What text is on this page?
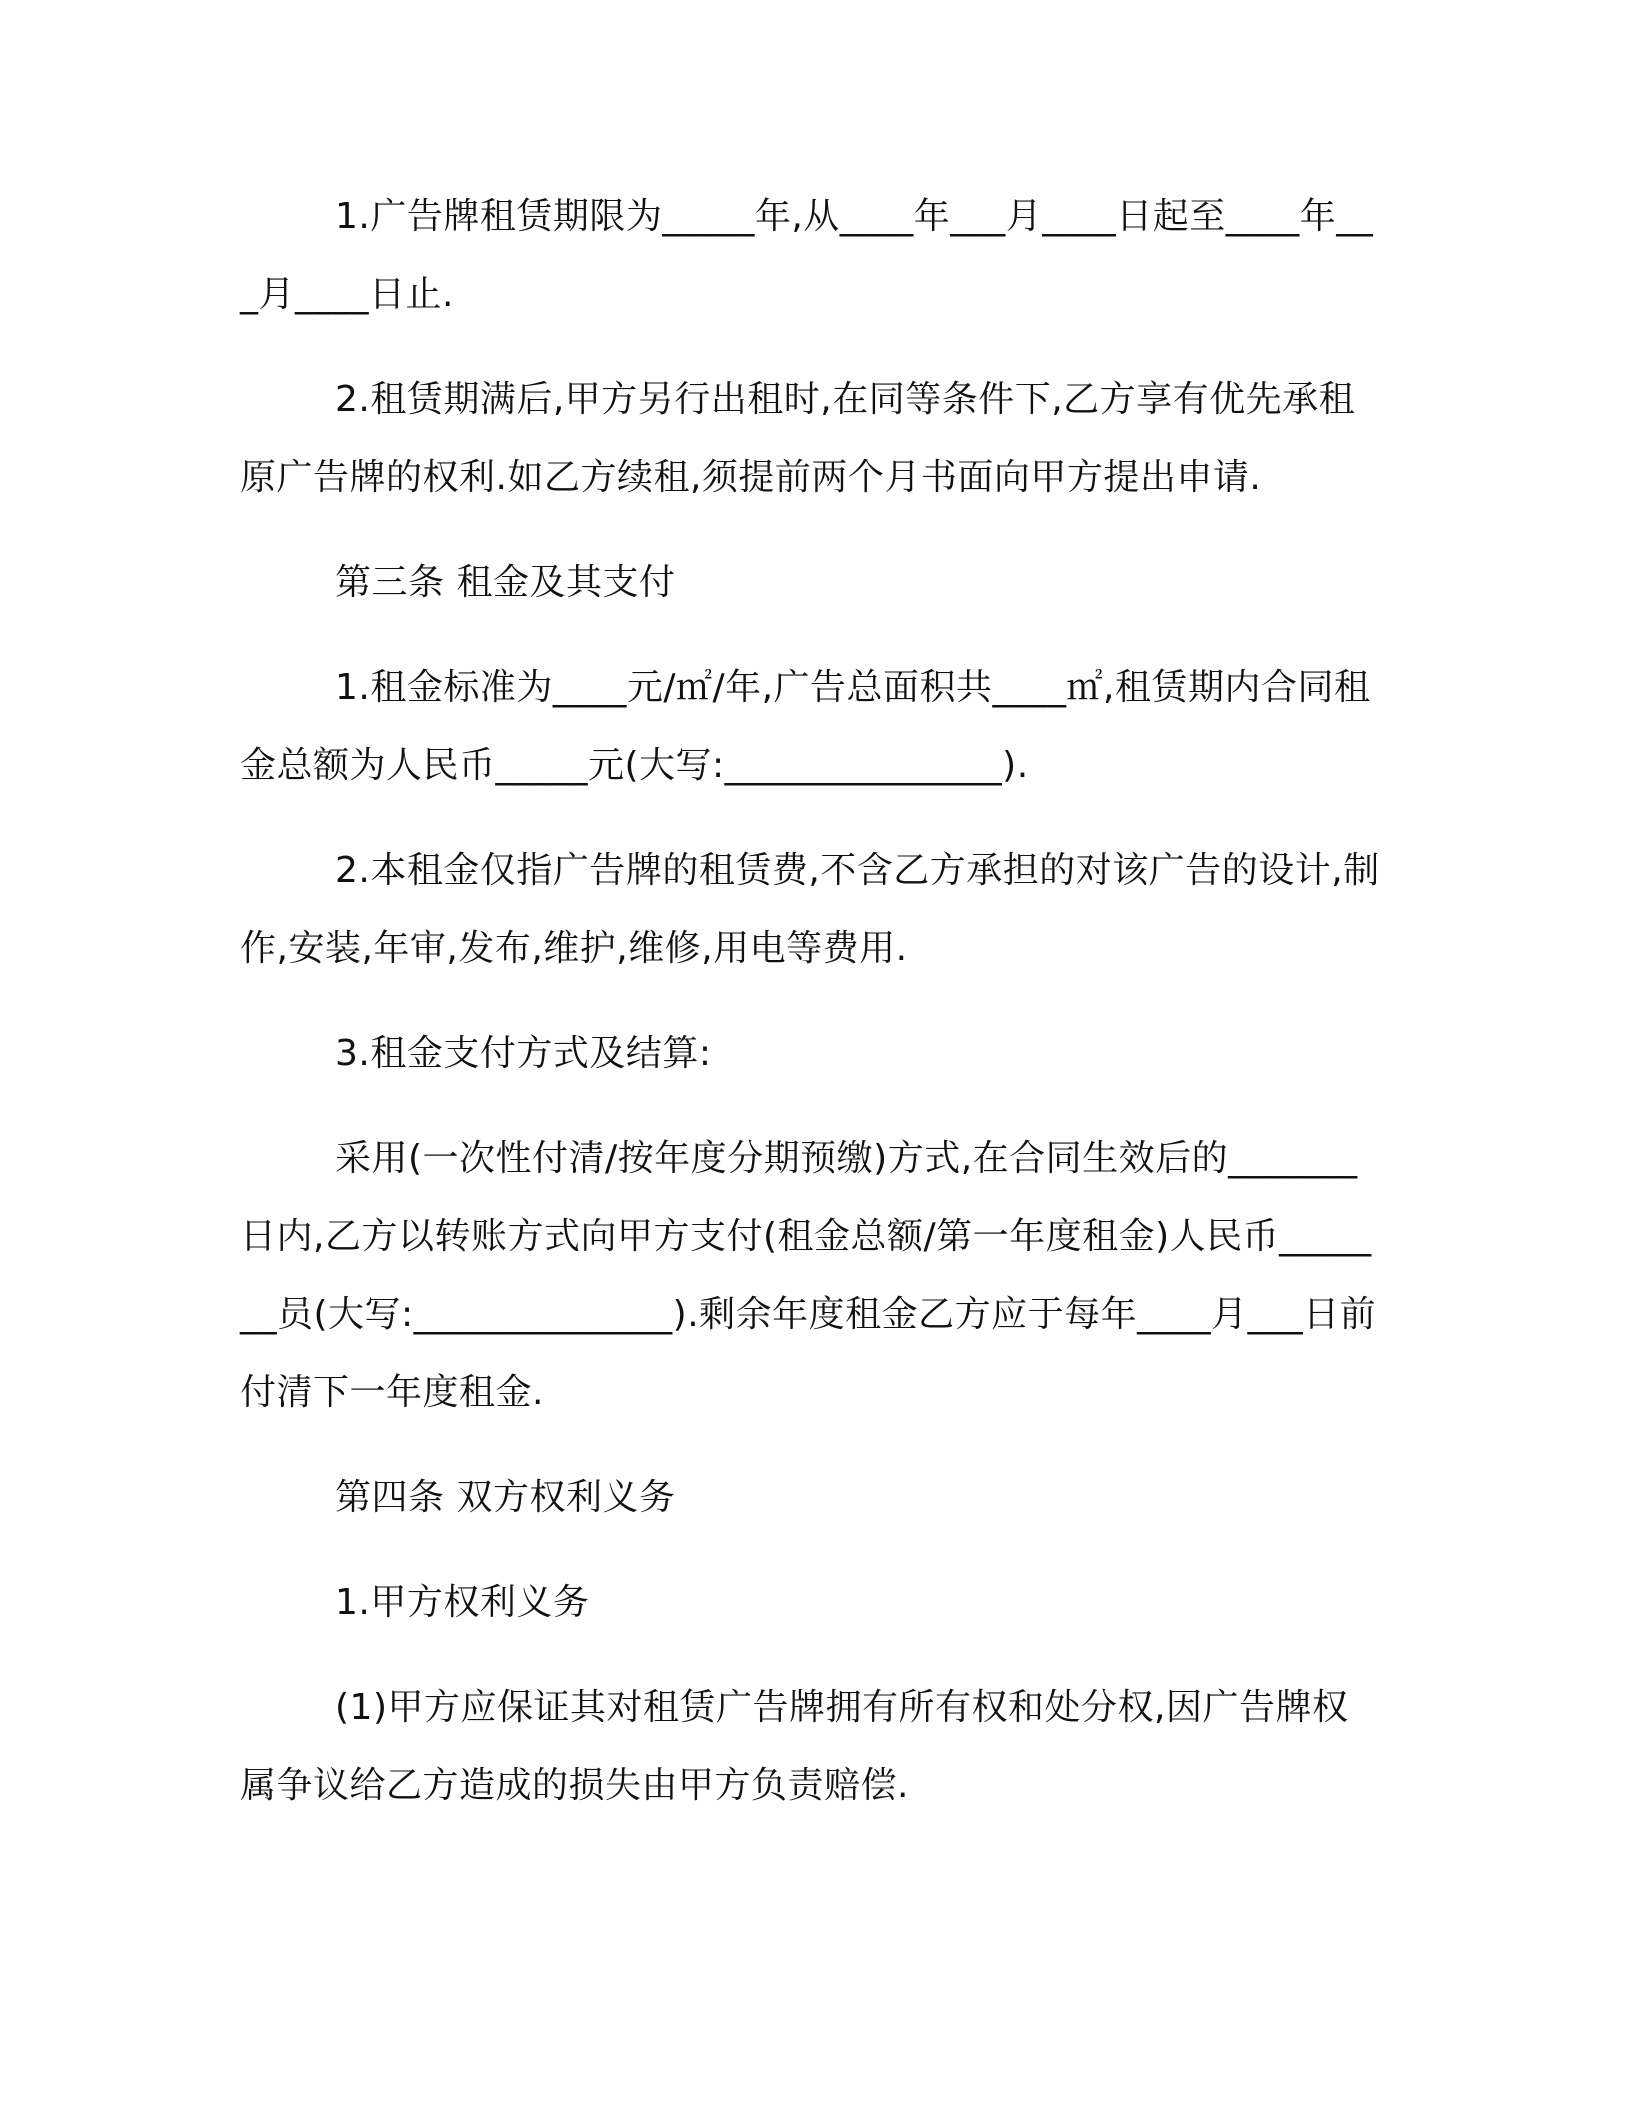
1.广告牌租赁期限为_____年,从____年___月____日起至____年___月____日止.

2.租赁期满后,甲方另行出租时,在同等条件下,乙方享有优先承租原广告牌的权利.如乙方续租,须提前两个月书面向甲方提出申请.

第三条 租金及其支付

1.租金标准为____元/㎡/年,广告总面积共____㎡,租赁期内合同租金总额为人民币_____元(大写:_______________).

2.本租金仅指广告牌的租赁费,不含乙方承担的对该广告的设计,制作,安装,年审,发布,维护,维修,用电等费用.

3.租金支付方式及结算:

采用(一次性付清/按年度分期预缴)方式,在合同生效后的_______日内,乙方以转账方式向甲方支付(租金总额/第一年度租金)人民币_______员(大写:______________).剩余年度租金乙方应于每年____月___日前付清下一年度租金.

第四条 双方权利义务

1.甲方权利义务

(1)甲方应保证其对租赁广告牌拥有所有权和处分权,因广告牌权属争议给乙方造成的损失由甲方负责赔偿.
